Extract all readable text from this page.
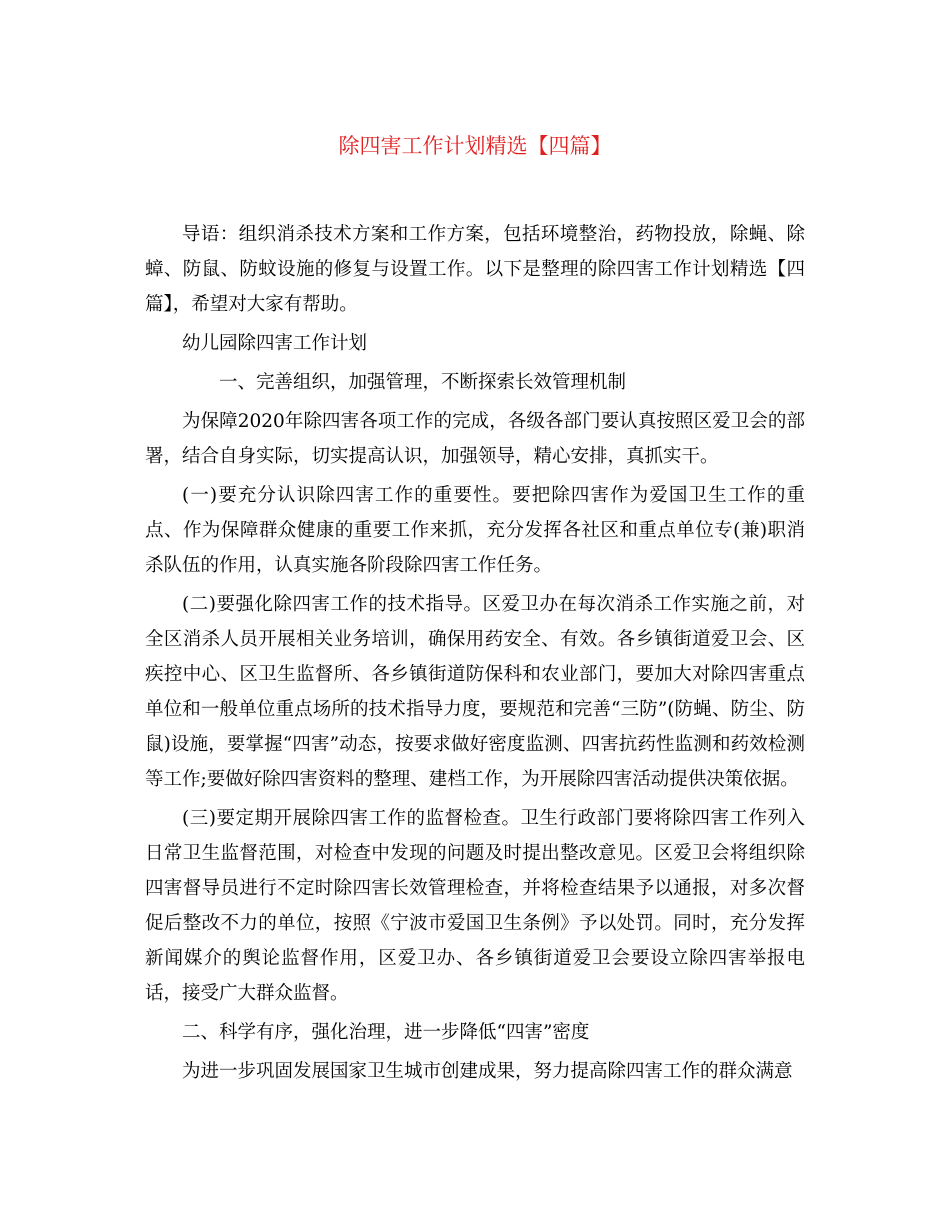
除四害工作计划精选【四篇】

导语：组织消杀技术方案和工作方案，包括环境整治，药物投放，除蝇、除蟑、防鼠、防蚊设施的修复与设置工作。以下是整理的除四害工作计划精选【四篇】，希望对大家有帮助。

幼儿园除四害工作计划

一、完善组织，加强管理，不断探索长效管理机制

为保障2020年除四害各项工作的完成，各级各部门要认真按照区爱卫会的部署，结合自身实际，切实提高认识，加强领导，精心安排，真抓实干。

(一)要充分认识除四害工作的重要性。要把除四害作为爱国卫生工作的重点、作为保障群众健康的重要工作来抓，充分发挥各社区和重点单位专(兼)职消杀队伍的作用，认真实施各阶段除四害工作任务。

(二)要强化除四害工作的技术指导。区爱卫办在每次消杀工作实施之前，对全区消杀人员开展相关业务培训，确保用药安全、有效。各乡镇街道爱卫会、区疾控中心、区卫生监督所、各乡镇街道防保科和农业部门，要加大对除四害重点单位和一般单位重点场所的技术指导力度，要规范和完善“三防”(防蝇、防尘、防鼠)设施，要掌握“四害”动态，按要求做好密度监测、四害抗药性监测和药效检测等工作;要做好除四害资料的整理、建档工作，为开展除四害活动提供决策依据。

(三)要定期开展除四害工作的监督检查。卫生行政部门要将除四害工作列入日常卫生监督范围，对检查中发现的问题及时提出整改意见。区爱卫会将组织除四害督导员进行不定时除四害长效管理检查，并将检查结果予以通报，对多次督促后整改不力的单位，按照《宁波市爱国卫生条例》予以处罚。同时，充分发挥新闻媒介的舆论监督作用，区爱卫办、各乡镇街道爱卫会要设立除四害举报电话，接受广大群众监督。

二、科学有序，强化治理，进一步降低“四害”密度

为进一步巩固发展国家卫生城市创建成果，努力提高除四害工作的群众满意
